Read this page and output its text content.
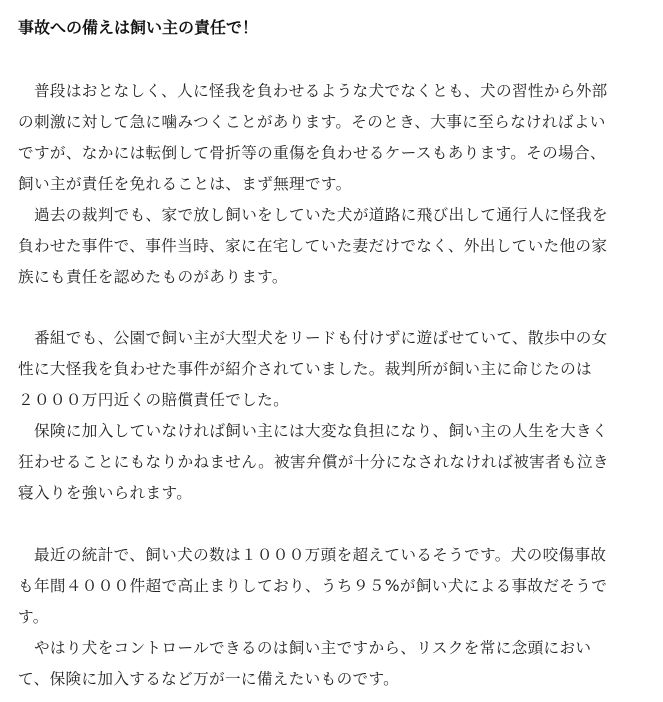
事故への備えは飼い主の責任で！

　普段はおとなしく、人に怪我を負わせるような犬でなくとも、犬の習性から外部

の刺激に対して急に噛みつくことがあります。そのとき、大事に至らなければよい

ですが、なかには転倒して骨折等の重傷を負わせるケースもあります。その場合、

飼い主が責任を免れることは、まず無理です。

　過去の裁判でも、家で放し飼いをしていた犬が道路に飛び出して通行人に怪我を

負わせた事件で、事件当時、家に在宅していた妻だけでなく、外出していた他の家

族にも責任を認めたものがあります。

　番組でも、公園で飼い主が大型犬をリードも付けずに遊ばせていて、散歩中の女

性に大怪我を負わせた事件が紹介されていました。裁判所が飼い主に命じたのは

２０００万円近くの賠償責任でした。

　保険に加入していなければ飼い主には大変な負担になり、飼い主の人生を大きく

狂わせることにもなりかねません。被害弁償が十分になされなければ被害者も泣き

寝入りを強いられます。

　最近の統計で、飼い犬の数は１０００万頭を超えているそうです。犬の咬傷事故

も年間４０００件超で高止まりしており、うち９５%が飼い犬による事故だそうで

す。

　やはり犬をコントロールできるのは飼い主ですから、リスクを常に念頭におい

て、保険に加入するなど万が一に備えたいものです。
